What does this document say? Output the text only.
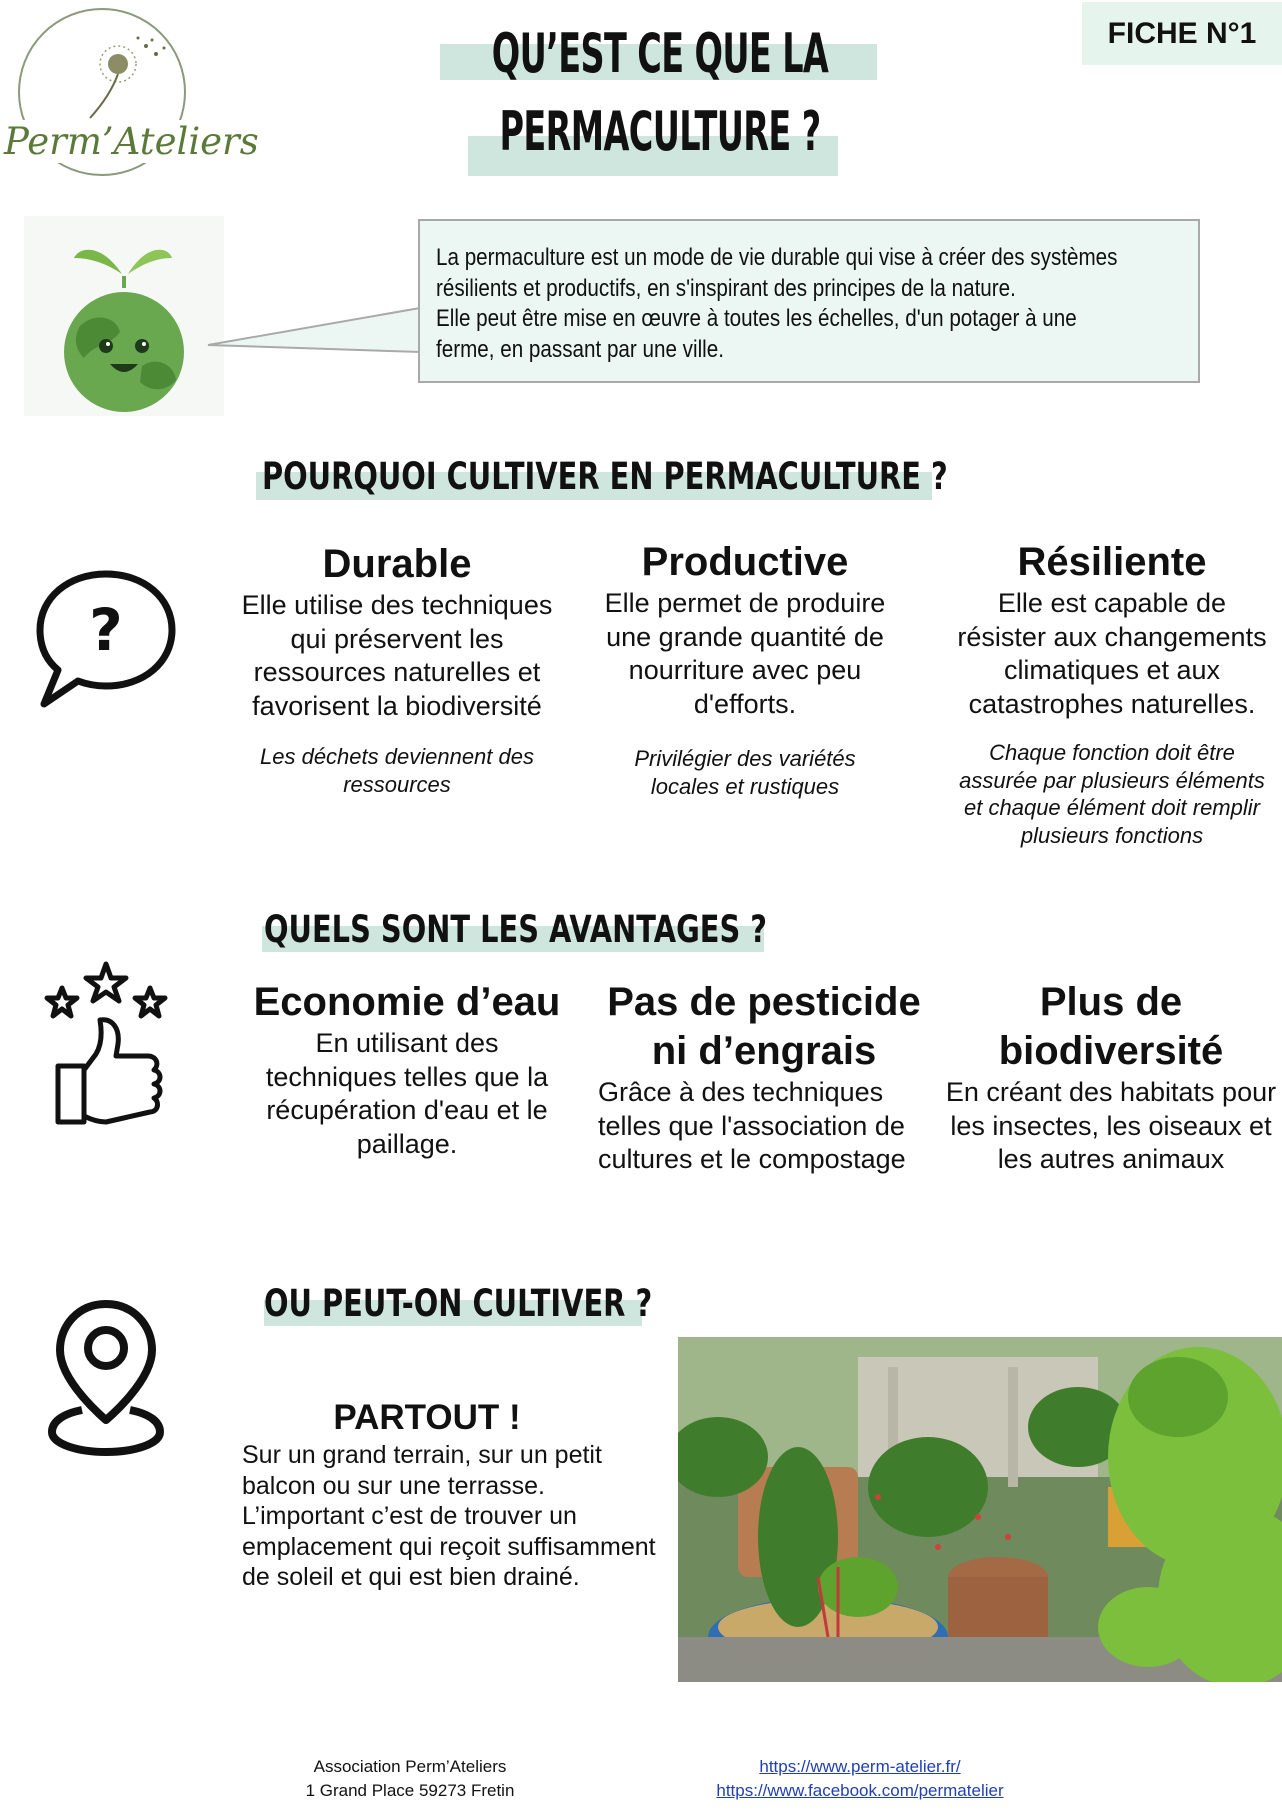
Perm’Ateliers
QU’EST CE QUE LA
PERMACULTURE ?
FICHE N°1
La permaculture est un mode de vie durable qui vise à créer des systèmes
résilients et productifs, en s'inspirant des principes de la nature.
Elle peut être mise en œuvre à toutes les échelles, d'un potager à une
ferme, en passant par une ville.
POURQUOI CULTIVER EN PERMACULTURE ?
?
Durable
Elle utilise des techniques
qui préservent les
ressources naturelles et
favorisent la biodiversité
Les déchets deviennent des
ressources
Productive
Elle permet de produire
une grande quantité de
nourriture avec peu
d'efforts.
Privilégier des variétés
locales et rustiques
Résiliente
Elle est capable de
résister aux changements
climatiques et aux
catastrophes naturelles.
Chaque fonction doit être
assurée par plusieurs éléments
et chaque élément doit remplir
plusieurs fonctions
QUELS SONT LES AVANTAGES ?
Economie d’eau
En utilisant des
techniques telles que la
récupération d'eau et le
paillage.
Pas de pesticide
ni d’engrais
Grâce à des techniques
telles que l'association de
cultures et le compostage
Plus de
biodiversité
En créant des habitats pour
les insectes, les oiseaux et
les autres animaux
OU PEUT-ON CULTIVER ?
PARTOUT !
Sur un grand terrain, sur un petit
balcon ou sur une terrasse.
L’important c’est de trouver un
emplacement qui reçoit suffisamment
de soleil et qui est bien drainé.
Association Perm’Ateliers
1 Grand Place 59273 Fretin
https://www.perm-atelier.fr/
https://www.facebook.com/permatelier
